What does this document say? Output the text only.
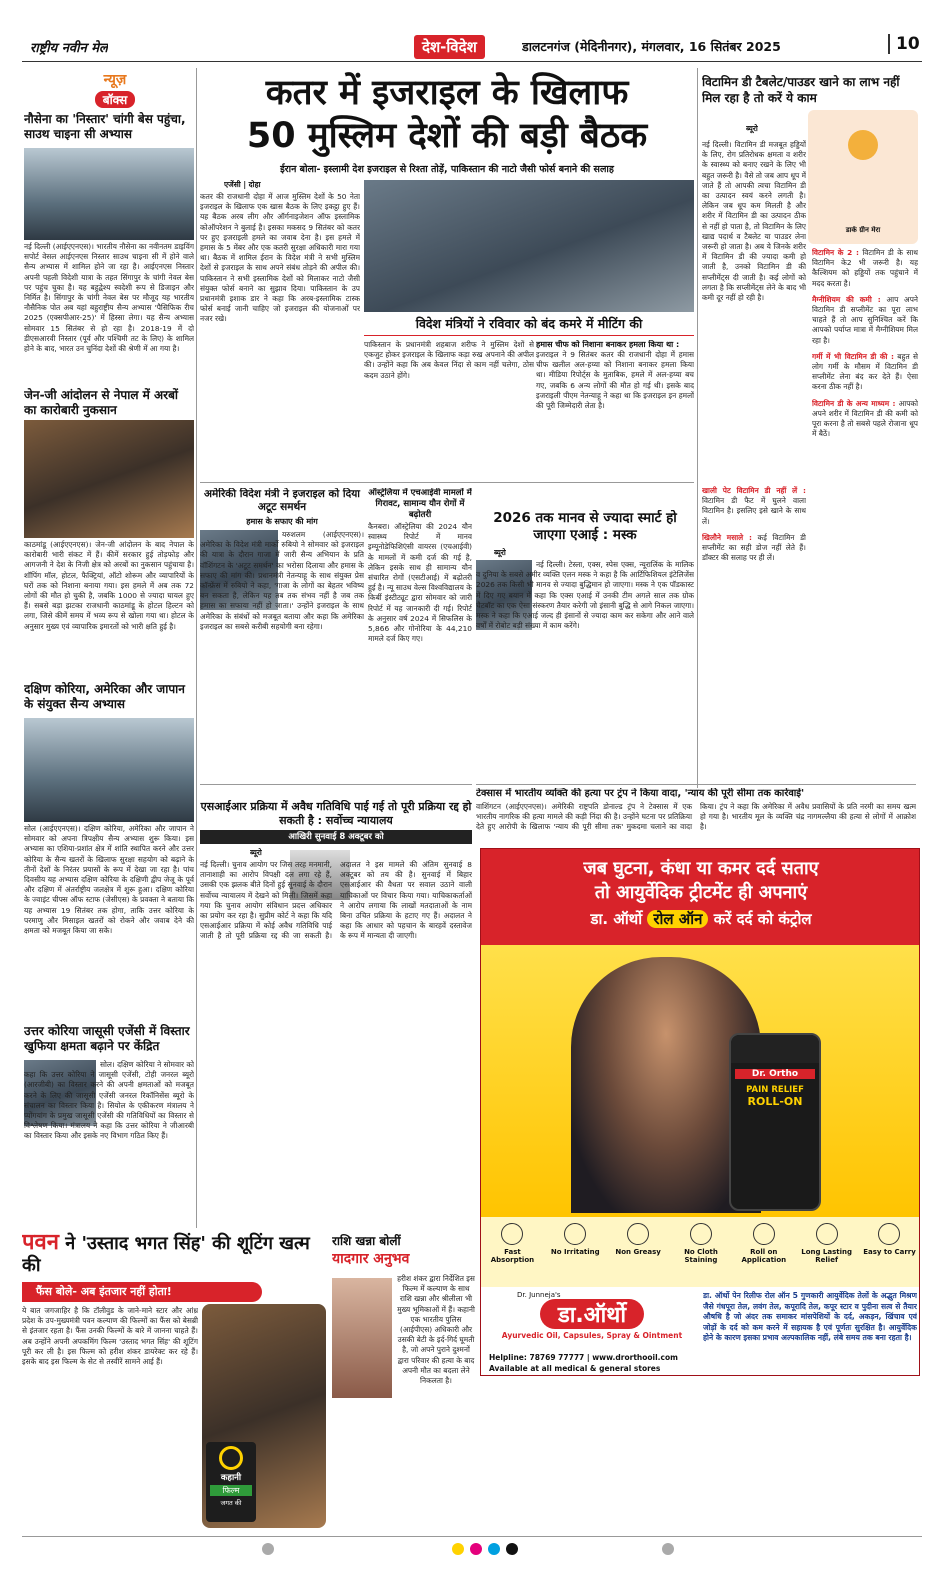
राष्ट्रीय नवीन मेल	देश-विदेश	डालटनगंज (मेदिनीनगर), मंगलवार, 16 सितंबर 2025	10
न्यूज़
बॉक्स
नौसेना का 'निस्तार' चांगी बेस पहुंचा, साउथ चाइना सी अभ्यास
नई दिल्ली (आईएएनएस)। भारतीय नौसेना का नवीनतम डाइविंग सपोर्ट वेसल आईएनएस निस्तार साउथ चाइना सी में होने वाले सैन्य अभ्यास में शामिल होने जा रहा है। आईएनएस निस्तार अपनी पहली विदेशी यात्रा के तहत सिंगापुर के चांगी नेवल बेस पर पहुंच चुका है। यह बहुद्वेश्य स्वदेशी रूप से डिजाइन और निर्मित है। सिंगापुर के चांगी नेवल बेस पर मौजूद यह भारतीय नौसैनिक पोत अब यहां बहुराष्ट्रीय सैन्य अभ्यास 'पैसिफिक रीच 2025 (एक्सपीआर-25)' में हिस्सा लेगा। यह सैन्य अभ्यास सोमवार 15 सितंबर से हो रहा है। 2018-19 में दो डीएसआरवी निस्तार (पूर्व और पश्चिमी तट के लिए) के शामिल होने के बाद, भारत उन चुनिंदा देशों की श्रेणी में आ गया है।
जेन-जी आंदोलन से नेपाल में अरबों का कारोबारी नुकसान
काठमांडू (आईएएनएस)। जेन-जी आंदोलन के बाद नेपाल के कारोबारी भारी संकट में हैं। कीमें सरकार हुई तोड़फोड़ और आगजनी ने देश के निजी क्षेत्र को अरबों का नुकसान पहुंचाया है। शॉपिंग मॉल, होटल, फैक्ट्रियां, ऑटो शोरूम और व्यापारियों के घरों तक को निशाना बनाया गया। इस हमले में अब तक 72 लोगों की मौत हो चुकी है, जबकि 1000 से ज्यादा घायल हुए हैं। सबसे बड़ा झटका राजधानी काठमांडू के होटल हिल्टन को लगा, जिसे कीमें समय में भव्य रूप से खोला गया था। होटल के अनुसार मुख्य एवं व्यापारिक इमारतों को भारी क्षति हुई है।
दक्षिण कोरिया, अमेरिका और जापान के संयुक्त सैन्य अभ्यास
सोल (आईएएनएस)। दक्षिण कोरिया, अमेरिका और जापान ने सोमवार को अपना त्रिपक्षीय सैन्य अभ्यास शुरू किया। इस अभ्यास का एशिया-प्रशांत क्षेत्र में शांति स्थापित करने और उत्तर कोरिया के सैन्य खतरों के खिलाफ सुरक्षा सहयोग को बढ़ाने के तीनों देशों के निरंतर प्रयासों के रूप में देखा जा रहा है। पांच दिवसीय यह अभ्यास दक्षिण कोरिया के दक्षिणी द्वीप जेजू के पूर्व और दक्षिण में अंतर्राष्ट्रीय जलक्षेत्र में शुरू हुआ। दक्षिण कोरिया के ज्वाइंट चीफ्स ऑफ स्टाफ (जेसीएस) के प्रवक्ता ने बताया कि यह अभ्यास 19 सितंबर तक होगा, ताकि उत्तर कोरिया के परमाणु और मिसाइल खतरों को रोकने और जवाब देने की क्षमता को मजबूत किया जा सके।
उत्तर कोरिया जासूसी एजेंसी में विस्तार खुफिया क्षमता बढ़ाने पर केंद्रित
सोल। दक्षिण कोरिया ने सोमवार को कहा कि उत्तर कोरिया ने जासूसी एजेंसी, टोही जनरल ब्यूरो (आरजीबी) का विस्तार करने की अपनी क्षमताओं को मजबूत करने के लिए की जासूसी एजेंसी जनरल रिकॉनिसेंस ब्यूरो के संचालन का विस्तार किया है। सियोल के एकीकरण मंत्रालय ने प्योंगयांग के प्रमुख जासूसी एजेंसी की गतिविधियों का विस्तार से विश्लेषण किया। मंत्रालय ने कहा कि उत्तर कोरिया ने जीआरबी का विस्तार किया और इसके नए विभाग गठित किए हैं।
कतर में इजराइल के खिलाफ
50 मुस्लिम देशों की बड़ी बैठक
ईरान बोला- इस्लामी देश इजराइल से रिश्ता तोड़ें, पाकिस्तान की नाटो जैसी फोर्स बनाने की सलाह
एजेंसी | दोहा
कतर की राजधानी दोहा में आज मुस्लिम देशों के 50 नेता इजराइल के खिलाफ एक खास बैठक के लिए इकट्ठा हुए हैं। यह बैठक अरब लीग और ऑर्गनाइजेशन ऑफ इस्लामिक कोऑपरेशन ने बुलाई है। इसका मकसद 9 सितंबर को कतर पर हुए इजराइली हमले का जवाब देना है। इस हमले में हमास के 5 मेंबर और एक कतरी सुरक्षा अधिकारी मारा गया था। बैठक में शामिल ईरान के विदेश मंत्री ने सभी मुस्लिम देशों से इजराइल के साथ अपने संबंध तोड़ने की अपील की। पाकिस्तान ने सभी इस्लामिक देशों को मिलाकर नाटो जैसी संयुक्त फोर्स बनाने का सुझाव दिया। पाकिस्तान के उप प्रधानमंत्री इशाक डार ने कहा कि अरब-इस्लामिक टास्क फोर्स बनाई जानी चाहिए जो इजराइल की योजनाओं पर नजर रखे।	विदेश मंत्रियों ने रविवार को बंद कमरे में मीटिंग की
पाकिस्तान के प्रधानमंत्री शहबाज शरीफ ने मुस्लिम देशों से एकजुट होकर इजराइल के खिलाफ कड़ा रुख अपनाने की अपील की। उन्होंने कहा कि अब केवल निंदा से काम नहीं चलेगा, ठोस कदम उठाने होंगे।
हमास चीफ को निशाना बनाकर हमला किया था :
इजराइल ने 9 सितंबर कतर की राजधानी दोहा में हमास चीफ खलील अल-हय्या को निशाना बनाकर हमला किया था। मीडिया रिपोर्ट्स के मुताबिक, हमले में अल-हय्या बच गए, जबकि 6 अन्य लोगों की मौत हो गई थी। इसके बाद इजराइली पीएम नेतन्याहू ने कहा था कि इजराइल इन हमलों की पूरी जिम्मेदारी लेता है।
अमेरिकी विदेश मंत्री ने इजराइल को दिया अटूट समर्थन
हमास के सफाए की मांग
यरुशलम (आईएएनएस)। अमेरिका के विदेश मंत्री मार्को रुबियो ने सोमवार को इजराइल की यात्रा के दौरान गाजा में जारी सैन्य अभियान के प्रति वॉशिंगटन के 'अटूट समर्थन' का भरोसा दिलाया और हमास के सफाए की मांग की। प्रधानमंत्री नेतन्याहू के साथ संयुक्त प्रेस कॉन्फ्रेंस में रुबियो ने कहा, 'गाजा के लोगों का बेहतर भविष्य बन सकता है, लेकिन यह तब तक संभव नहीं है जब तक हमास का सफाया नहीं हो जाता।' उन्होंने इजराइल के साथ अमेरिका के संबंधों को मजबूत बताया और कहा कि अमेरिका इजराइल का सबसे करीबी सहयोगी बना रहेगा।
ऑस्ट्रेलिया में एचआईवी मामलों में गिरावट, सामान्य यौन रोगों में बढ़ोतरी
कैनबरा। ऑस्ट्रेलिया की 2024 यौन स्वास्थ्य रिपोर्ट में मानव इम्यूनोडेफिशिएंसी वायरस (एचआईवी) के मामलों में कमी दर्ज की गई है, लेकिन इसके साथ ही सामान्य यौन संचारित रोगों (एसटीआई) में बढ़ोतरी हुई है। न्यू साउथ वेल्स विश्वविद्यालय के किर्बी इंस्टीट्यूट द्वारा सोमवार को जारी रिपोर्ट में यह जानकारी दी गई। रिपोर्ट के अनुसार वर्ष 2024 में सिफलिस के 5,866 और गोनोरिया के 44,210 मामले दर्ज किए गए।
2026 तक मानव से ज्यादा स्मार्ट हो जाएगा एआई : मस्क
ब्यूरो
नई दिल्ली। टेस्ला, एक्स, स्पेस एक्स, न्यूरालिंक के मालिक व दुनिया के सबसे अमीर व्यक्ति एलन मस्क ने कहा है कि आर्टिफिशियल इंटेलिजेंस 2026 तक किसी भी मानव से ज्यादा बुद्धिमान हो जाएगा। मस्क ने एक पॉडकास्ट में दिए गए बयान में कहा कि एक्स एआई में उनकी टीम अगले साल तक ग्रोक चैटबॉट का एक ऐसा संस्करण तैयार करेगी जो इंसानी बुद्धि से आगे निकल जाएगा। मस्क ने कहा कि एआई जल्द ही इंसानों से ज्यादा काम कर सकेगा और आने वाले वर्षों में रोबोट बड़ी संख्या में काम करेंगे।
टेक्सास में भारतीय व्यक्ति की हत्या पर ट्रंप ने किया वादा, 'न्याय की पूरी सीमा तक कार्रवाई'
वाशिंगटन (आईएएनएस)। अमेरिकी राष्ट्रपति डोनाल्ड ट्रंप ने टेक्सास में एक भारतीय नागरिक की हत्या मामले की कड़ी निंदा की है। उन्होंने घटना पर प्रतिक्रिया देते हुए आरोपी के खिलाफ 'न्याय की पूरी सीमा तक' मुकदमा चलाने का वादा किया। ट्रंप ने कहा कि अमेरिका में अवैध प्रवासियों के प्रति नरमी का समय खत्म हो गया है। भारतीय मूल के व्यक्ति चंद्र नागमल्लैया की हत्या से लोगों में आक्रोश है।
एसआईआर प्रक्रिया में अवैध गतिविधि पाई गई तो पूरी प्रक्रिया रद्द हो सकती है : सर्वोच्च न्यायालय
आखिरी सुनवाई 8 अक्टूबर को
ब्यूरो
नई दिल्ली। चुनाव आयोग पर जिस तरह मनमानी, तानाशाही का आरोप विपक्षी दल लगा रहे हैं, उसकी एक झलक बीते दिनों हुई सुनवाई के दौरान सर्वोच्च न्यायालय में देखने को मिली। जिसमें कहा गया कि चुनाव आयोग संविधान प्रदत्त अधिकार का प्रयोग कर रहा है। सुप्रीम कोर्ट ने कहा कि यदि एसआईआर प्रक्रिया में कोई अवैध गतिविधि पाई जाती है तो पूरी प्रक्रिया रद्द की जा सकती है। अदालत ने इस मामले की अंतिम सुनवाई 8 अक्टूबर को तय की है। सुनवाई में बिहार एसआईआर की वैधता पर सवाल उठाने वाली याचिकाओं पर विचार किया गया। याचिकाकर्ताओं ने आरोप लगाया कि लाखों मतदाताओं के नाम बिना उचित प्रक्रिया के हटाए गए हैं। अदालत ने कहा कि आधार को पहचान के बारहवें दस्तावेज के रूप में मान्यता दी जाएगी।
विटामिन डी टैबलेट/पाउडर खाने का लाभ नहीं मिल रहा है तो करें ये काम
ब्यूरो
डार्क ग्रीन मेरा
नई दिल्ली। विटामिन डी मजबूत हड्डियों के लिए, रोग प्रतिरोधक क्षमता व शरीर के स्वास्थ्य को बनाए रखने के लिए भी बहुत जरूरी है। वैसे तो जब आप धूप में जाते हैं तो आपकी त्वचा विटामिन डी का उत्पादन स्वयं करने लगती है। लेकिन जब धूप कम मिलती है और शरीर में विटामिन डी का उत्पादन ठीक से नहीं हो पाता है, तो विटामिन के लिए खाद्य पदार्थ व टैबलेट या पाउडर लेना जरूरी हो जाता है। अब ये जिनके शरीर में विटामिन डी की ज्यादा कमी हो जाती है, उनको विटामिन डी की सप्लीमेंट्स दी जाती है। कई लोगों को लगता है कि सप्लीमेंट्स लेने के बाद भी कमी दूर नहीं हो रही है।
विटामिन के 2 : विटामिन डी के साथ विटामिन के2 भी जरूरी है। यह कैल्शियम को हड्डियों तक पहुंचाने में मदद करता है।
मैग्नीशियम की कमी : आप अपने विटामिन डी सप्लीमेंट का पूरा लाभ चाहते हैं तो आप सुनिश्चित करें कि आपको पर्याप्त मात्रा में मैग्नीशियम मिल रहा है।
गर्मी में भी विटामिन डी की : बहुत से लोग गर्मी के मौसम में विटामिन डी सप्लीमेंट लेना बंद कर देते हैं। ऐसा करना ठीक नहीं है।
विटामिन डी के अन्य माध्यम : आपको अपने शरीर में विटामिन डी की कमी को पूरा करना है तो सबसे पहले रोजाना धूप में बैठें।
खाली पेट विटामिन डी नहीं लें : विटामिन डी फैट में घुलने वाला विटामिन है। इसलिए इसे खाने के साथ लें।
खिलौने मसाले : कई विटामिन डी सप्लीमेंट का सही डोज नहीं लेते हैं। डॉक्टर की सलाह पर ही लें।
जब घुटना, कंधा या कमर दर्द सताए
तो आयुर्वेदिक ट्रीटमेंट ही अपनाएं
डा. ऑर्थो रोल ऑन करें दर्द को कंट्रोल
Dr. Ortho
PAIN RELIEF
ROLL-ON
Fast Absorption
No Irritating	Non Greasy	No Cloth Staining
Roll on Application
Long Lasting Relief
Easy to Carry
Dr. Junneja's
डा.ऑर्थो
Ayurvedic Oil, Capsules, Spray & Ointment
Helpline: 78769 77777 | www.drorthooil.com
Available at all medical & general stores
डा. ऑर्थो पेन रिलीफ रोल ऑन 5 गुणकारी आयुर्वेदिक तेलों के अद्भुत मिश्रण जैसे गंधपूरा तेल, लवंग तेल, कपूरादि तेल, कपूर स्टार व पुदीना सत्व से तैयार औषधि है जो अंदर तक समाकर मांसपेशियों के दर्द, अकड़न, खिंचाव एवं जोड़ों के दर्द को कम करने में सहायक है एवं पूर्णतः सुरक्षित है। आयुर्वेदिक होने के कारण इसका प्रभाव अल्पकालिक नहीं, लंबे समय तक बना रहता है।
पवन ने 'उस्ताद भगत सिंह' की शूटिंग खत्म की
फैंस बोले- अब इंतजार नहीं होता!
ये बात जगजाहिर है कि टॉलीवुड के जाने-माने स्टार और आंध्र प्रदेश के उप-मुख्यमंत्री पवन कल्याण की फिल्मों का फैंस को बेसब्री से इंतजार रहता है। फैंस उनकी फिल्मों के बारे में जानना चाहते हैं। अब उन्होंने अपनी अपकमिंग फिल्म 'उस्ताद भगत सिंह' की शूटिंग पूरी कर ली है। इस फिल्म को हरीश शंकर डायरेक्ट कर रहे हैं। इसके बाद इस फिल्म के सेट से तस्वीरें सामने आई हैं।
कहानी
फिल्म
जगत की
राशि खन्ना बोलीं
यादगार अनुभव
हरीश शंकर द्वारा निर्देशित इस फिल्म में कल्याण के साथ राशि खन्ना और श्रीलीला भी मुख्य भूमिकाओं में हैं। कहानी एक भारतीय पुलिस (आईपीएस) अधिकारी और उसकी बेटी के इर्द-गिर्द घूमती है, जो अपने पुराने दुश्मनों द्वारा परिवार की हत्या के बाद अपनी मौत का बदला लेने निकलता है।
